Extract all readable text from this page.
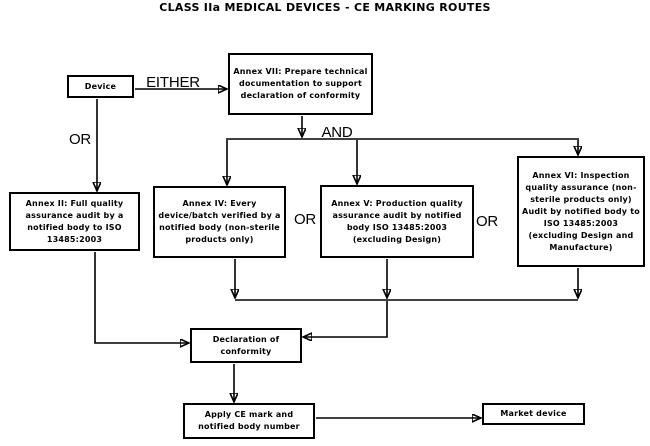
CLASS IIa MEDICAL DEVICES - CE MARKING ROUTES
Device
Annex VII: Prepare technical documentation to support declaration of conformity
Annex II: Full quality assurance audit by a notified body to ISO 13485:2003
Annex IV: Every device/batch verified by a notified body (non-sterile products only)
Annex V: Production quality assurance audit by notified body ISO 13485:2003 (excluding Design)
Annex VI: Inspection quality assurance (non-sterile products only) Audit by notified body to ISO 13485:2003 (excluding Design and Manufacture)
Declaration of conformity
Apply CE mark and notified body number
Market device
EITHER
OR	AND
OR	OR
